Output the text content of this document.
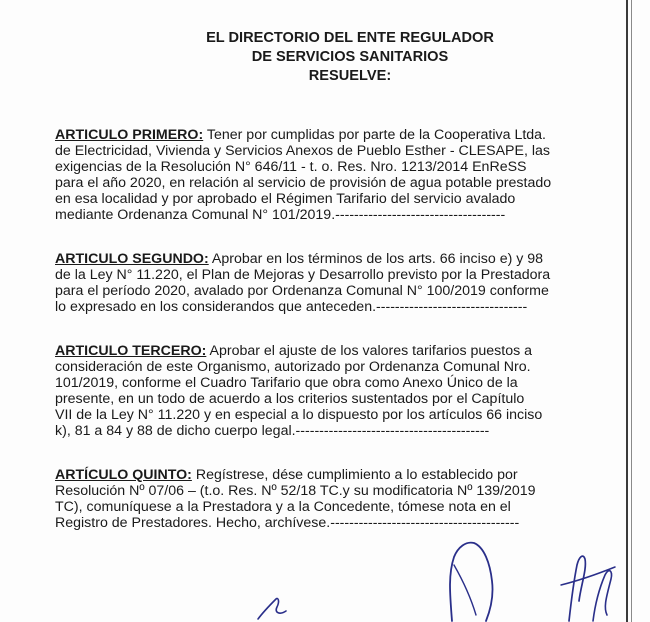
EL DIRECTORIO DEL ENTE REGULADOR
DE SERVICIOS SANITARIOS
RESUELVE:
ARTICULO PRIMERO: Tener por cumplidas por parte de la Cooperativa Ltda.
de Electricidad, Vivienda y Servicios Anexos de Pueblo Esther - CLESAPE, las
exigencias de la Resolución N° 646/11 - t. o. Res. Nro. 1213/2014 EnReSS
para el año 2020, en relación al servicio de provisión de agua potable prestado
en esa localidad y por aprobado el Régimen Tarifario del servicio avalado
mediante Ordenanza Comunal N° 101/2019.------------------------------------
ARTICULO SEGUNDO: Aprobar en los términos de los arts. 66 inciso e) y 98
de la Ley N° 11.220, el Plan de Mejoras y Desarrollo previsto por la Prestadora
para el período 2020, avalado por Ordenanza Comunal N° 100/2019 conforme
lo expresado en los considerandos que anteceden.--------------------------------
ARTICULO TERCERO: Aprobar el ajuste de los valores tarifarios puestos a
consideración de este Organismo, autorizado por Ordenanza Comunal Nro.
101/2019, conforme el Cuadro Tarifario que obra como Anexo Único de la
presente, en un todo de acuerdo a los criterios sustentados por el Capítulo
VII de la Ley N° 11.220 y en especial a lo dispuesto por los artículos 66 inciso
k), 81 a 84 y 88 de dicho cuerpo legal.-----------------------------------------
ARTÍCULO QUINTO: Regístrese, dése cumplimiento a lo establecido por
Resolución Nº 07/06 – (t.o. Res. Nº 52/18 TC.y su modificatoria Nº 139/2019
TC), comuníquese a la Prestadora y a la Concedente, tómese nota en el
Registro de Prestadores. Hecho, archívese.----------------------------------------
